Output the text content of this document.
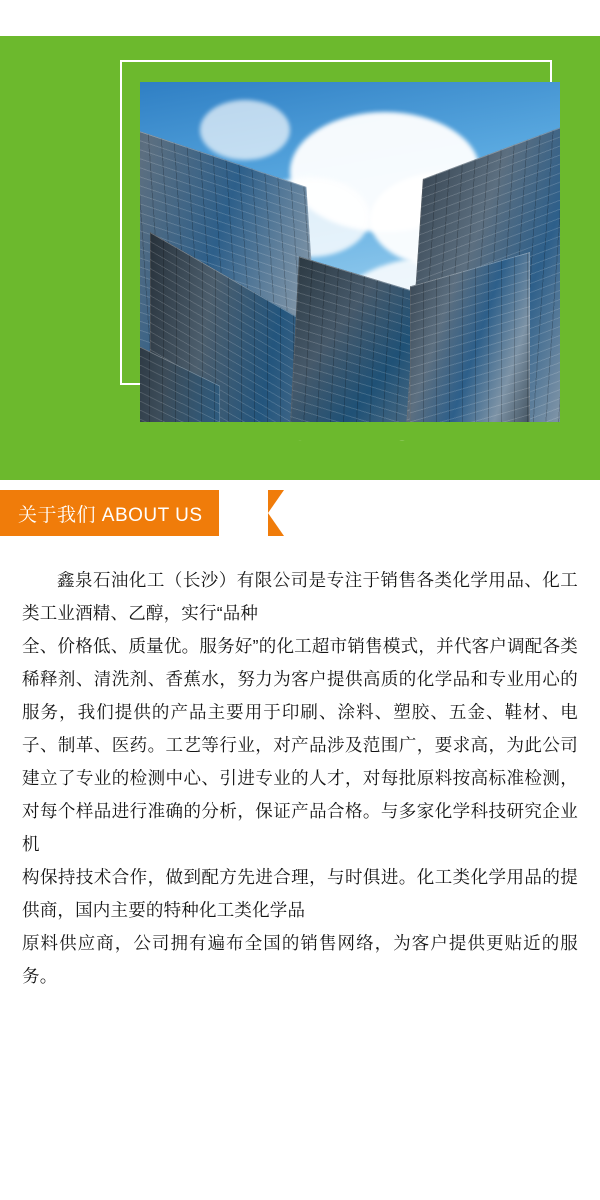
关于我们 ABOUT US

鑫泉石油化工（长沙）有限公司是专注于销售各类化学用品、化工类工业酒精、乙醇，实行“品种

全、价格低、质量优。服务好”的化工超市销售模式，并代客户调配各类稀释剂、清洗剂、香蕉水，努力为客户提供高质的化学品和专业用心的服务，我们提供的产品主要用于印刷、涂料、塑胶、五金、鞋材、电子、制革、医药。工艺等行业，对产品涉及范围广，要求高，为此公司建立了专业的检测中心、引进专业的人才，对每批原料按高标准检测，对每个样品进行准确的分析，保证产品合格。与多家化学科技研究企业机

构保持技术合作，做到配方先进合理，与时俱进。化工类化学用品的提供商，国内主要的特种化工类化学品

原料供应商，公司拥有遍布全国的销售网络，为客户提供更贴近的服务。
